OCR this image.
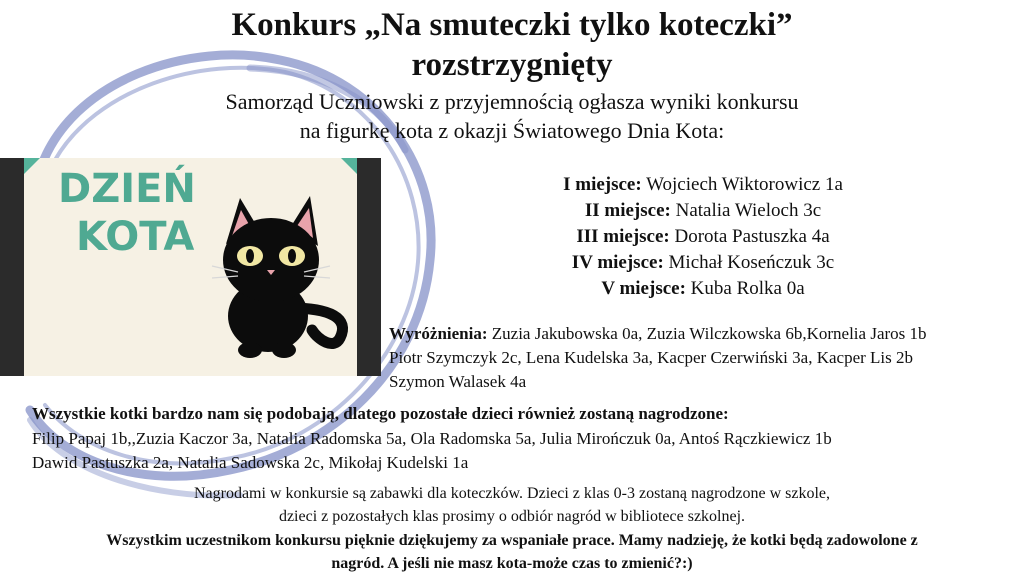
Konkurs „Na smuteczki tylko koteczki”
rozstrzygnięty
Samorząd Uczniowski z przyjemnością ogłasza wyniki konkursu
na figurkę kota z okazji Światowego Dnia Kota:
DZIEŃ
KOTA
I miejsce: Wojciech Wiktorowicz 1a
II miejsce: Natalia Wieloch 3c
III miejsce: Dorota Pastuszka 4a
IV miejsce: Michał Koseńczuk 3c
V miejsce: Kuba Rolka 0a
Wyróżnienia: Zuzia Jakubowska 0a, Zuzia Wilczkowska 6b,Kornelia Jaros 1b
Piotr Szymczyk 2c, Lena Kudelska 3a, Kacper Czerwiński 3a, Kacper Lis 2b
Szymon Walasek 4a
Wszystkie kotki bardzo nam się podobają, dlatego pozostałe dzieci również zostaną nagrodzone:
Filip Papaj 1b,,Zuzia Kaczor 3a, Natalia Radomska 5a, Ola Radomska 5a, Julia Mirończuk 0a, Antoś Rączkiewicz 1b
Dawid Pastuszka 2a, Natalia Sadowska 2c, Mikołaj Kudelski 1a
Nagrodami w konkursie są zabawki dla koteczków. Dzieci z klas 0-3 zostaną nagrodzone w szkole,
dzieci z pozostałych klas prosimy o odbiór nagród w bibliotece szkolnej.
Wszystkim uczestnikom konkursu pięknie dziękujemy za wspaniałe prace. Mamy nadzieję, że kotki będą zadowolone z
nagród. A jeśli nie masz kota-może czas to zmienić?:)
